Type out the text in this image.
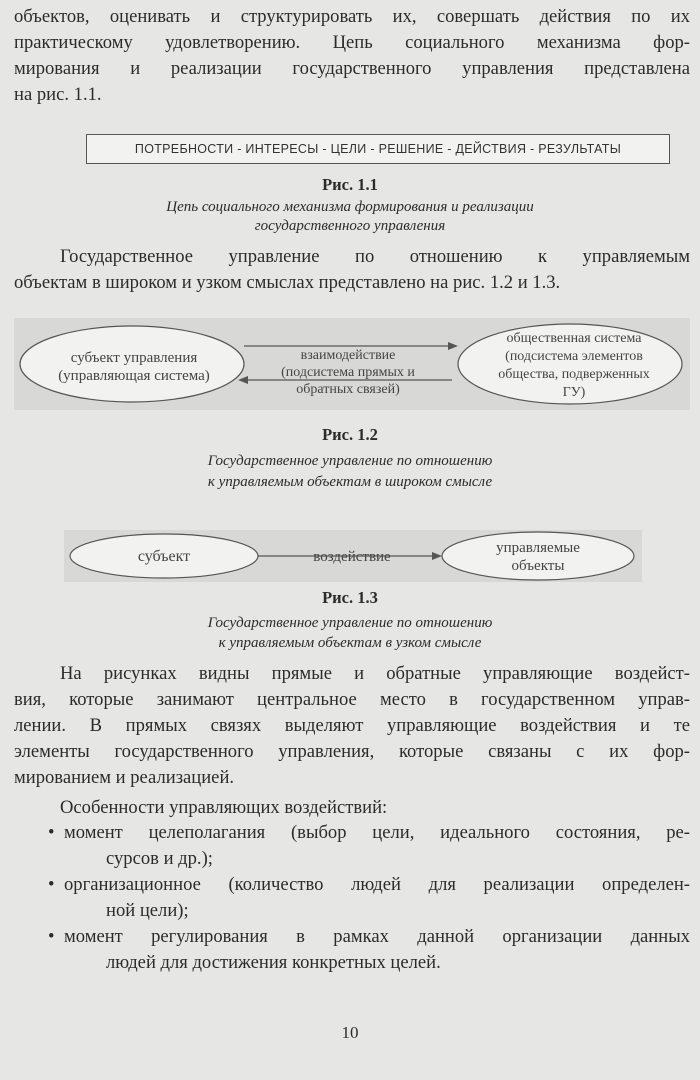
объектов, оценивать и структурировать их, совершать действия по их
практическому удовлетворению. Цепь социального механизма фор-
мирования и реализации государственного управления представлена
на рис. 1.1.

ПОТРЕБНОСТИ - ИНТЕРЕСЫ - ЦЕЛИ - РЕШЕНИЕ - ДЕЙСТВИЯ - РЕЗУЛЬТАТЫ
Рис. 1.1
Цепь социального механизма формирования и реализации
государственного управления

Государственное управление по отношению к управляемым
объектам в широком и узком смыслах представлено на рис. 1.2 и 1.3.

субъект управления
(управляющая система)
взаимодействие
(подсистема прямых и
обратных связей)
общественная система
(подсистема элементов
общества, подверженных
ГУ)
Рис. 1.2
Государственное управление по отношению
к управляемым объектам в широком смысле
субъект	воздействие
управляемые
объекты
Рис. 1.3
Государственное управление по отношению
к управляемым объектам в узком смысле

На рисунках видны прямые и обратные управляющие воздейст-
вия, которые занимают центральное место в государственном управ-
лении. В прямых связях выделяют управляющие воздействия и те
элементы государственного управления, которые связаны с их фор-
мированием и реализацией.

Особенности управляющих воздействий:
• момент целеполагания (выбор цели, идеального состояния, ре-
сурсов и др.);
• организационное (количество людей для реализации определен-
ной цели);
• момент регулирования в рамках данной организации данных
людей для достижения конкретных целей.
10
